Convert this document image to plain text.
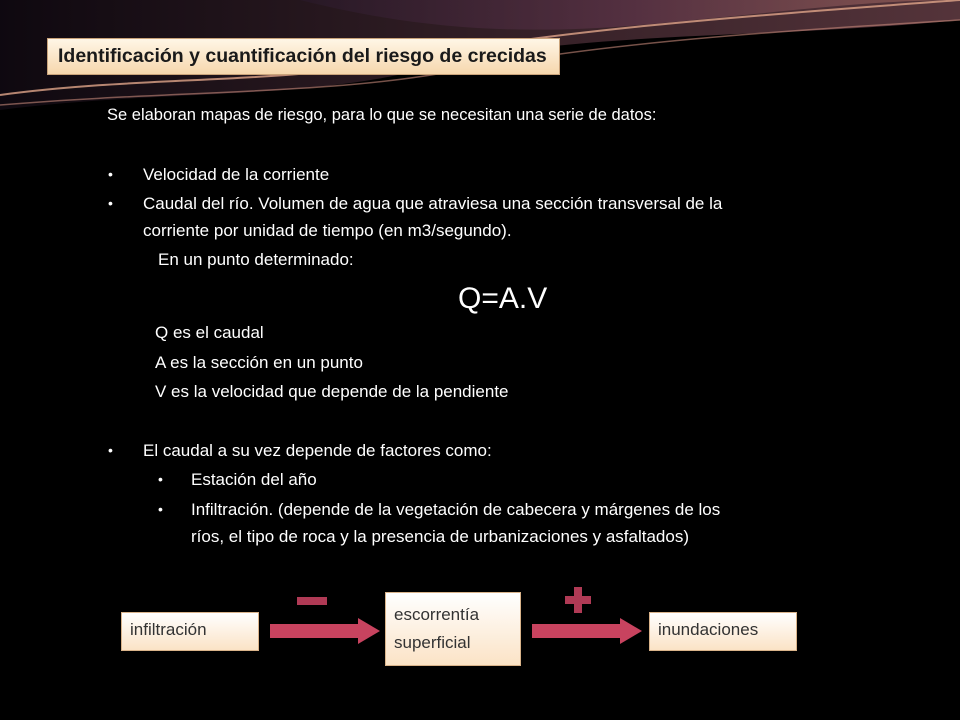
Identificación y cuantificación del riesgo de crecidas
Se elaboran mapas de riesgo, para lo que se necesitan una serie de datos:
• Velocidad de la corriente
• Caudal del río. Volumen de agua que atraviesa una sección transversal de la
corriente por unidad de tiempo (en m3/segundo).
En un punto determinado:
Q=A.V
Q es el caudal
A es la sección en un punto
V es la velocidad que depende de la pendiente
• El caudal a su vez depende de factores como:
• Estación del año
• Infiltración. (depende de la vegetación de cabecera y márgenes de los
ríos, el tipo de roca y la presencia de urbanizaciones y asfaltados)
infiltración
escorrentía
superficial
inundaciones
